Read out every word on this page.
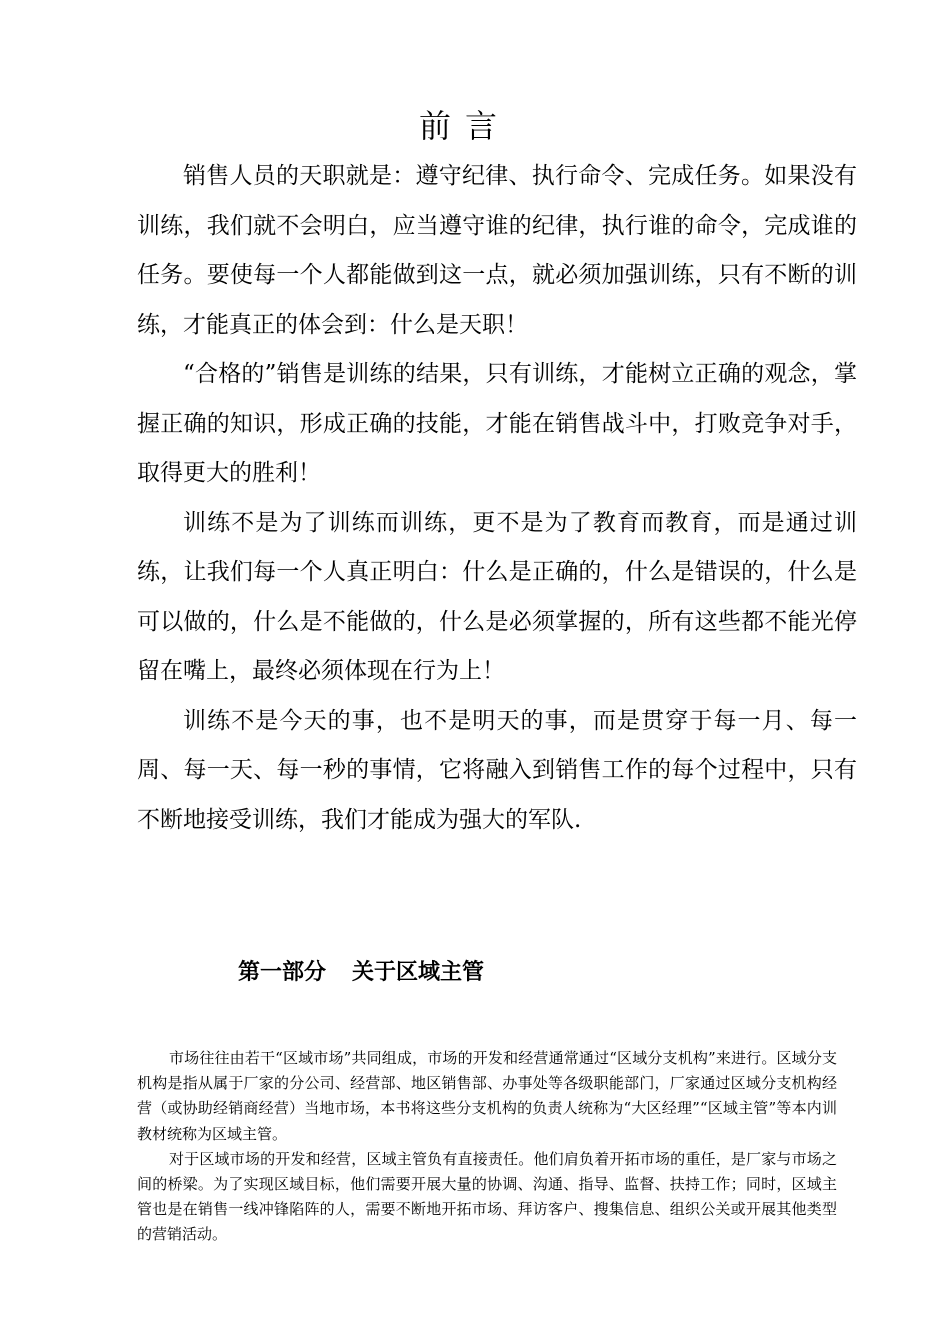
前言

销售人员的天职就是：遵守纪律、执行命令、完成任务。如果没有训练，我们就不会明白，应当遵守谁的纪律，执行谁的命令，完成谁的任务。要使每一个人都能做到这一点，就必须加强训练，只有不断的训练，才能真正的体会到：什么是天职！

“合格的”销售是训练的结果，只有训练，才能树立正确的观念，掌握正确的知识，形成正确的技能，才能在销售战斗中，打败竞争对手，取得更大的胜利！

训练不是为了训练而训练，更不是为了教育而教育，而是通过训练，让我们每一个人真正明白：什么是正确的，什么是错误的，什么是可以做的，什么是不能做的，什么是必须掌握的，所有这些都不能光停留在嘴上，最终必须体现在行为上！

训练不是今天的事，也不是明天的事，而是贯穿于每一月、每一周、每一天、每一秒的事情，它将融入到销售工作的每个过程中，只有不断地接受训练，我们才能成为强大的军队.

第一部分 关于区域主管

市场往往由若干“区域市场”共同组成，市场的开发和经营通常通过“区域分支机构”来进行。区域分支机构是指从属于厂家的分公司、经营部、地区销售部、办事处等各级职能部门，厂家通过区域分支机构经营（或协助经销商经营）当地市场，本书将这些分支机构的负责人统称为“大区经理”“区域主管”等本内训教材统称为区域主管。

对于区域市场的开发和经营，区域主管负有直接责任。他们肩负着开拓市场的重任，是厂家与市场之间的桥梁。为了实现区域目标，他们需要开展大量的协调、沟通、指导、监督、扶持工作；同时，区域主管也是在销售一线冲锋陷阵的人，需要不断地开拓市场、拜访客户、搜集信息、组织公关或开展其他类型的营销活动。
